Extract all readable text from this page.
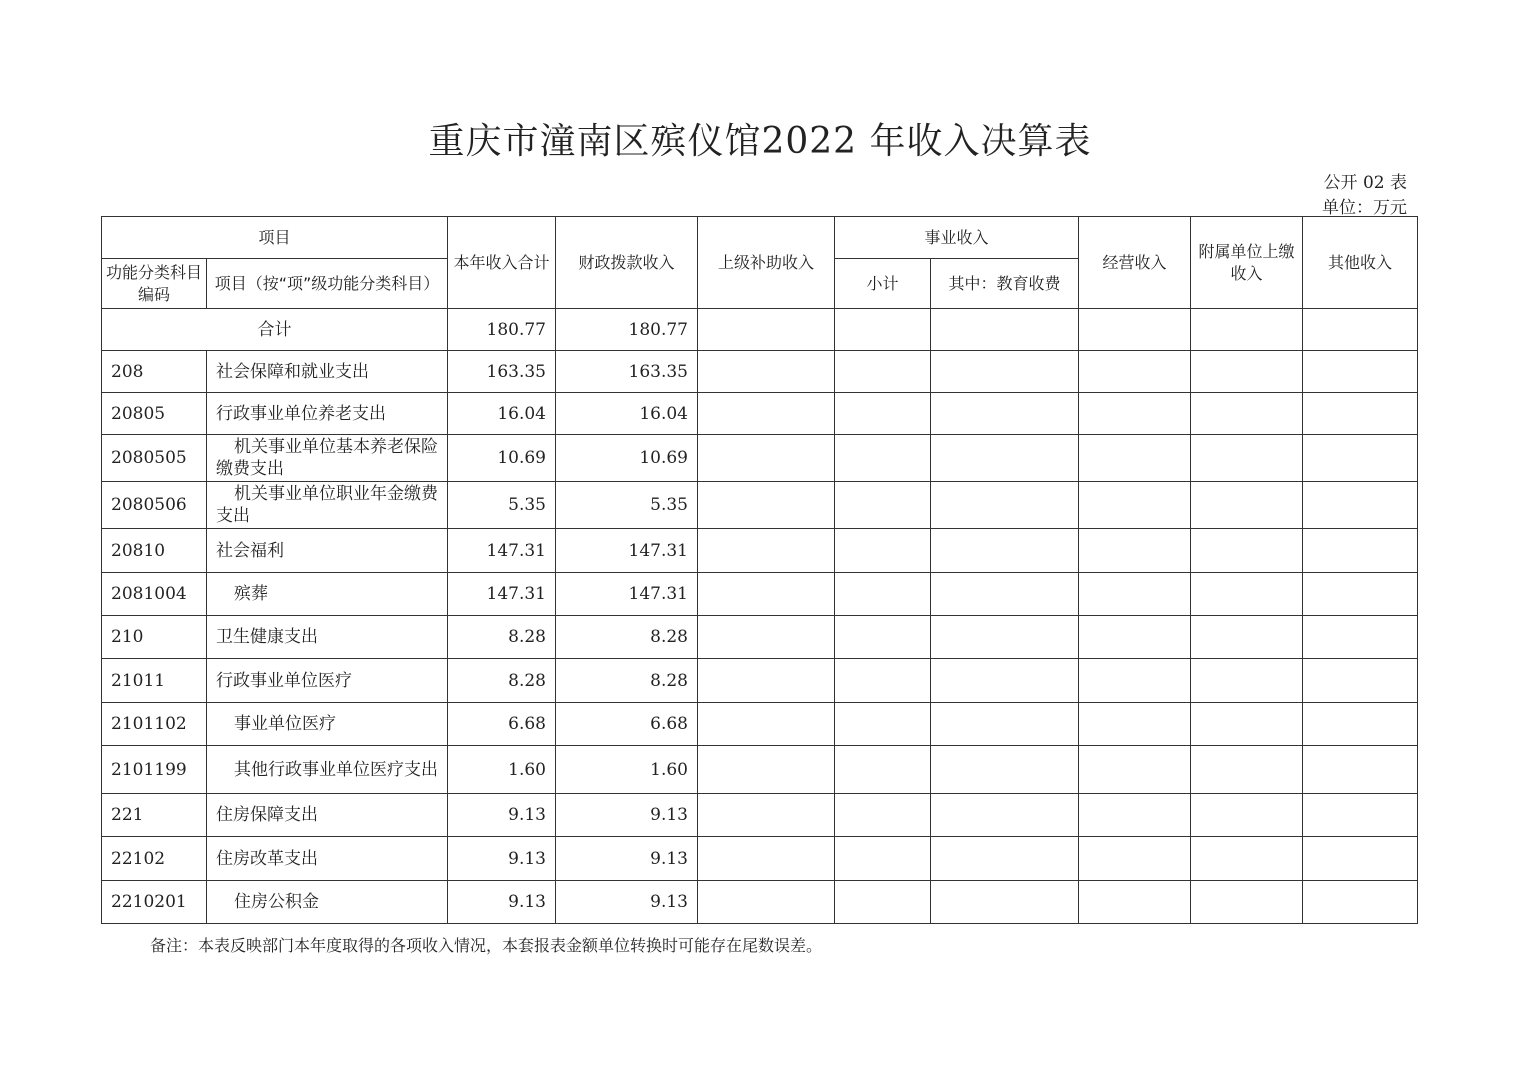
重庆市潼南区殡仪馆2022 年收入决算表
公开 02 表
单位：万元
项目		本年收入合计	财政拨款收入	上级补助收入	事业收入		经营收入	附属单位上缴收入	其他收入
功能分类科目编码	项目（按“项”级功能分类科目）				小计	其中：教育收费			
合计		180.77	180.77						
208	社会保障和就业支出	163.35	163.35						
20805	行政事业单位养老支出	16.04	16.04						
2080505	机关事业单位基本养老保险缴费支出	10.69	10.69						
2080506	机关事业单位职业年金缴费支出	5.35	5.35						
20810	社会福利	147.31	147.31						
2081004	殡葬	147.31	147.31						
210	卫生健康支出	8.28	8.28						
21011	行政事业单位医疗	8.28	8.28						
2101102	事业单位医疗	6.68	6.68						
2101199	其他行政事业单位医疗支出	1.60	1.60						
221	住房保障支出	9.13	9.13						
22102	住房改革支出	9.13	9.13						
2210201	住房公积金	9.13	9.13						
备注：本表反映部门本年度取得的各项收入情况，本套报表金额单位转换时可能存在尾数误差。
